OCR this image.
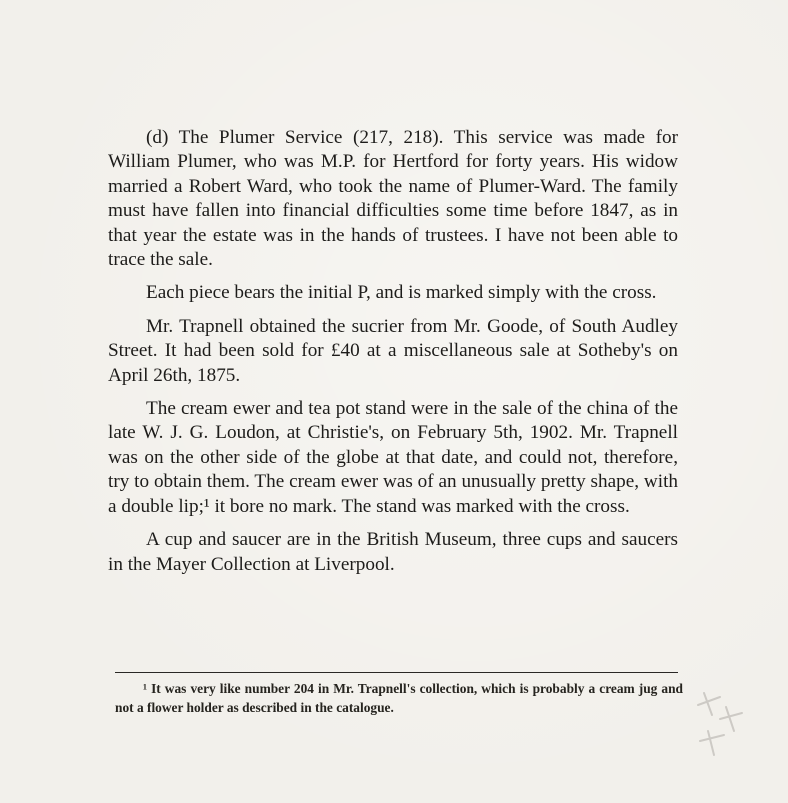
(d) The Plumer Service (217, 218). This service was made for William Plumer, who was M.P. for Hertford for forty years. His widow married a Robert Ward, who took the name of Plumer-Ward. The family must have fallen into financial difficulties some time before 1847, as in that year the estate was in the hands of trustees. I have not been able to trace the sale.

Each piece bears the initial P, and is marked simply with the cross.

Mr. Trapnell obtained the sucrier from Mr. Goode, of South Audley Street. It had been sold for £40 at a miscellaneous sale at Sotheby's on April 26th, 1875.

The cream ewer and tea pot stand were in the sale of the china of the late W. J. G. Loudon, at Christie's, on February 5th, 1902. Mr. Trapnell was on the other side of the globe at that date, and could not, therefore, try to obtain them. The cream ewer was of an unusually pretty shape, with a double lip;¹ it bore no mark. The stand was marked with the cross.

A cup and saucer are in the British Museum, three cups and saucers in the Mayer Collection at Liverpool.

¹ It was very like number 204 in Mr. Trapnell's collection, which is probably a cream jug and not a flower holder as described in the catalogue.
